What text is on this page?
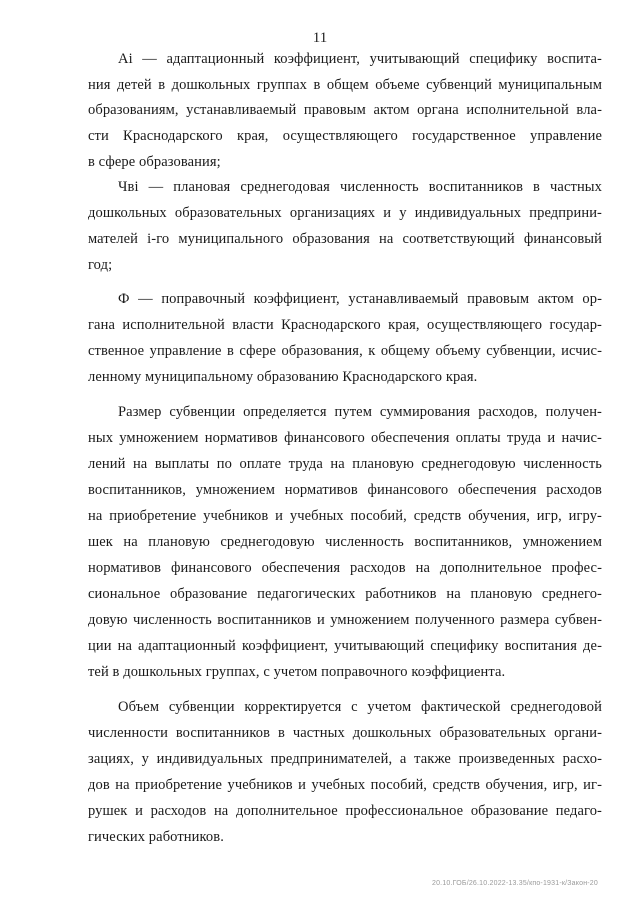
11
Аi — адаптационный коэффициент, учитывающий специфику воспита-
ния детей в дошкольных группах в общем объеме субвенций муниципальным
образованиям, устанавливаемый правовым актом органа исполнительной вла-
сти Краснодарского края, осуществляющего государственное управление
в сфере образования;
Чвi — плановая среднегодовая численность воспитанников в частных
дошкольных образовательных организациях и у индивидуальных предприни-
мателей i-го муниципального образования на соответствующий финансовый
год;
Ф — поправочный коэффициент, устанавливаемый правовым актом ор-
гана исполнительной власти Краснодарского края, осуществляющего государ-
ственное управление в сфере образования, к общему объему субвенции, исчис-
ленному муниципальному образованию Краснодарского края.
Размер субвенции определяется путем суммирования расходов, получен-
ных умножением нормативов финансового обеспечения оплаты труда и начис-
лений на выплаты по оплате труда на плановую среднегодовую численность
воспитанников, умножением нормативов финансового обеспечения расходов
на приобретение учебников и учебных пособий, средств обучения, игр, игру-
шек на плановую среднегодовую численность воспитанников, умножением
нормативов финансового обеспечения расходов на дополнительное профес-
сиональное образование педагогических работников на плановую среднего-
довую численность воспитанников и умножением полученного размера субвен-
ции на адаптационный коэффициент, учитывающий специфику воспитания де-
тей в дошкольных группах, с учетом поправочного коэффициента.
Объем субвенции корректируется с учетом фактической среднегодовой
численности воспитанников в частных дошкольных образовательных органи-
зациях, у индивидуальных предпринимателей, а также произведенных расхо-
дов на приобретение учебников и учебных пособий, средств обучения, игр, иг-
рушек и расходов на дополнительное профессиональное образование педаго-
гических работников.
20.10.ГОБ/26.10.2022-13.35/кпо-1931-к/Закон-20
